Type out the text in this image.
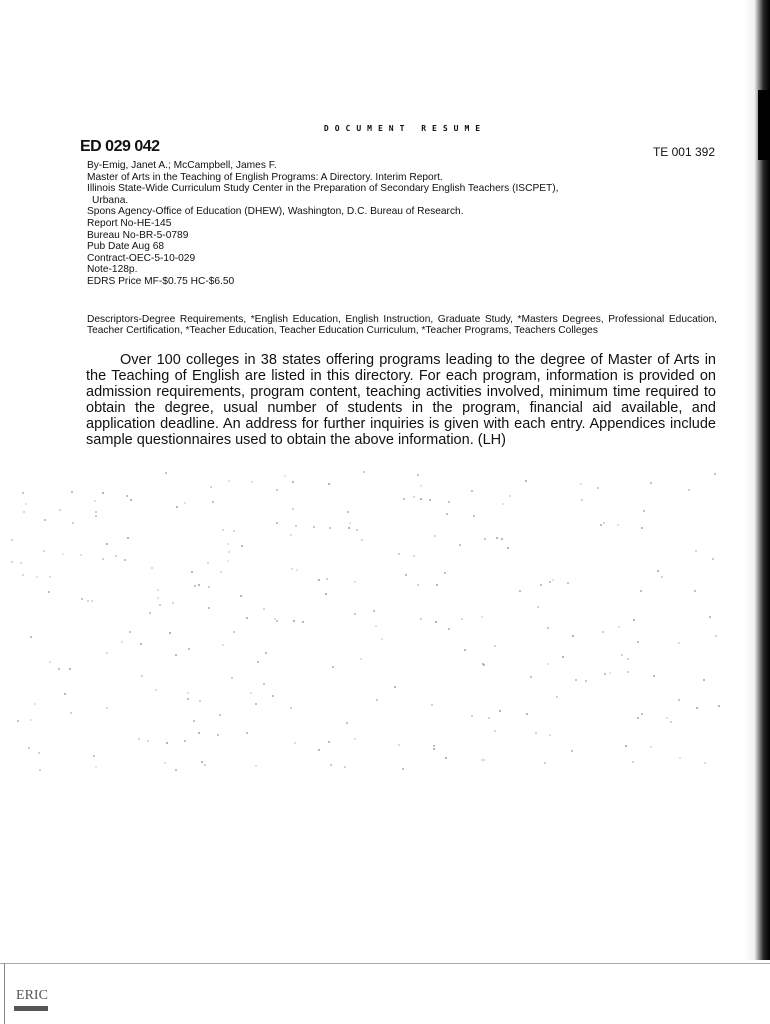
DOCUMENT RESUME
ED 029 042	TE 001 392
By-Emig, Janet A.; McCampbell, James F.
Master of Arts in the Teaching of English Programs: A Directory. Interim Report.
Illinois State-Wide Curriculum Study Center in the Preparation of Secondary English Teachers (ISCPET),
Urbana.
Spons Agency-Office of Education (DHEW), Washington, D.C. Bureau of Research.
Report No-HE-145
Bureau No-BR-5-0789
Pub Date Aug 68
Contract-OEC-5-10-029
Note-128p.
EDRS Price MF-$0.75 HC-$6.50
Descriptors-Degree Requirements, *English Education, English Instruction, Graduate Study, *Masters Degrees, Professional Education, Teacher Certification, *Teacher Education, Teacher Education Curriculum, *Teacher Programs, Teachers Colleges
Over 100 colleges in 38 states offering programs leading to the degree of Master of Arts in the Teaching of English are listed in this directory. For each program, information is provided on admission requirements, program content, teaching activities involved, minimum time required to obtain the degree, usual number of students in the program, financial aid available, and application deadline. An address for further inquiries is given with each entry. Appendices include sample questionnaires used to obtain the above information. (LH)
ERIC
